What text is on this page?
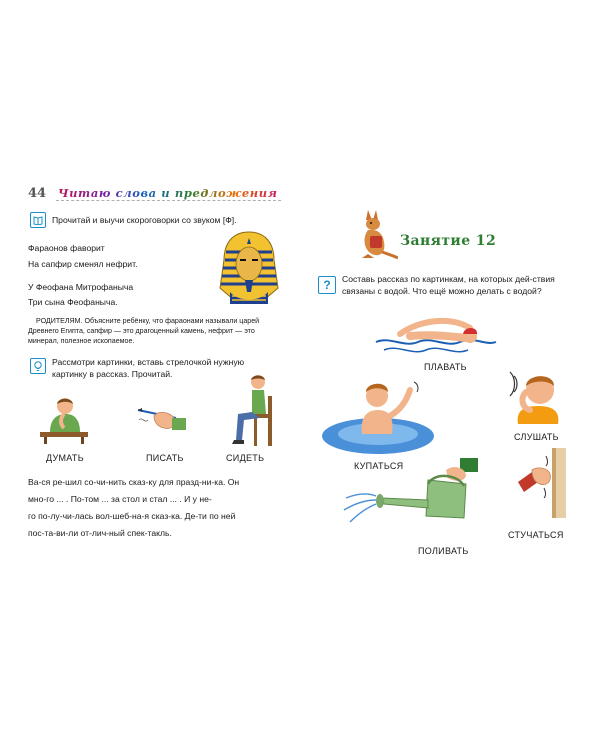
44 Читаю слова и предложения
Прочитай и выучи скороговорки со звуком [Ф].
Фараонов фаворит
На сапфир сменял нефрит.
У Феофана Митрофаныча
Три сына Феофаныча.
РОДИТЕЛЯМ. Объясните ребёнку, что фараонами называли царей Древнего Египта, сапфир — это драгоценный камень, нефрит — это минерал, полезное ископаемое.
Рассмотри картинки, вставь стрелочкой нужную картинку в рассказ. Прочитай.
ДУМАТЬ	ПИСАТЬ	СИДЕТЬ
Ва-ся ре-шил со-чи-нить сказ-ку для празд-ни-ка. Он
мно-го ... . По-том ... за стол и стал ... . И у не-
го по-лу-чи-лась вол-шеб-на-я сказ-ка. Де-ти по ней
пос-та-ви-ли от-лич-ный спек-такль.
Занятие 12
?	Составь рассказ по картинкам, на которых дей-ствия связаны с водой. Что ещё можно делать с водой?
ПЛАВАТЬ
КУПАТЬСЯ
СЛУШАТЬ
ПОЛИВАТЬ
СТУЧАТЬСЯ
